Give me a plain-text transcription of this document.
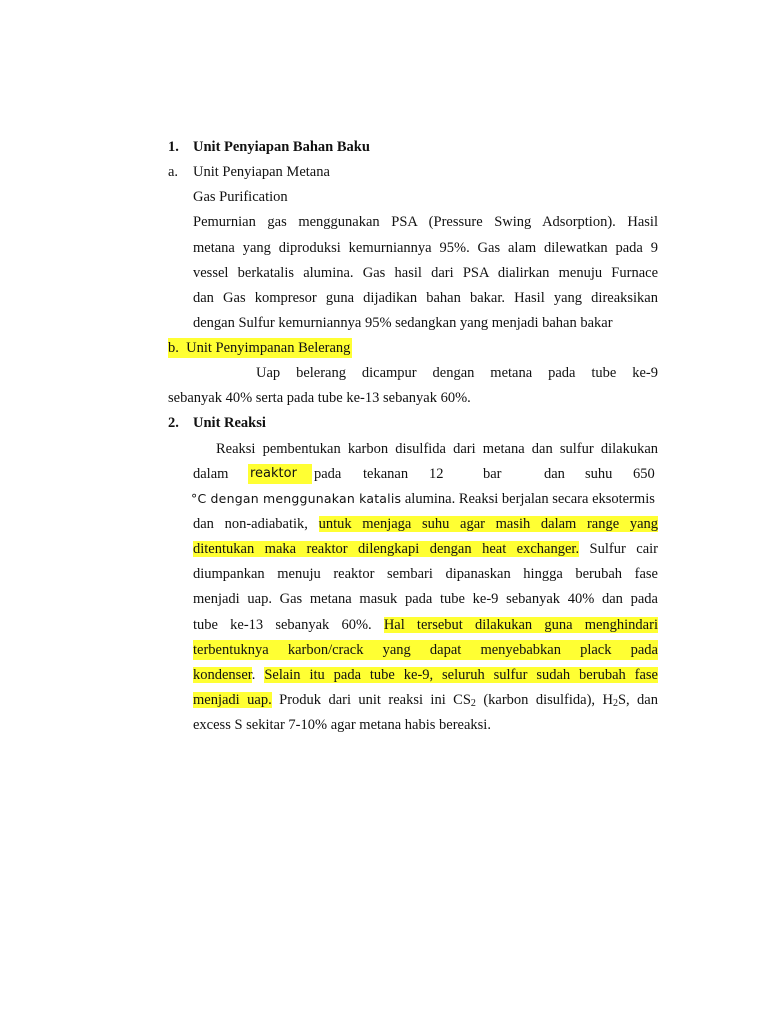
1. Unit Penyiapan Bahan Baku
a. Unit Penyiapan Metana
Gas Purification
Pemurnian gas menggunakan PSA (Pressure Swing Adsorption). Hasil
metana yang diproduksi kemurniannya 95%. Gas alam dilewatkan pada 9
vessel berkatalis alumina. Gas hasil dari PSA dialirkan menuju Furnace
dan Gas kompresor guna dijadikan bahan bakar. Hasil yang direaksikan
dengan Sulfur kemurniannya 95% sedangkan yang menjadi bahan bakar
b. Unit Penyimpanan Belerang
Uap belerang dicampur dengan metana pada tube ke-9
sebanyak 40% serta pada tube ke-13 sebanyak 60%.
2. Unit Reaksi
Reaksi pembentukan karbon disulfida dari metana dan sulfur dilakukan
dalam reaktor	pada tekanan 12	bar	dan suhu 650
°C dengan menggunakan katalis alumina. Reaksi berjalan secara eksotermis
dan non-adiabatik, untuk menjaga suhu agar masih dalam range yang
ditentukan maka reaktor dilengkapi dengan heat exchanger. Sulfur cair
diumpankan menuju reaktor sembari dipanaskan hingga berubah fase
menjadi uap. Gas metana masuk pada tube ke-9 sebanyak 40% dan pada
tube ke-13 sebanyak 60%. Hal tersebut dilakukan guna menghindari
terbentuknya karbon/crack yang dapat menyebabkan plack pada
kondenser. Selain itu pada tube ke-9, seluruh sulfur sudah berubah fase
menjadi uap. Produk dari unit reaksi ini $CS_2$ (karbon disulfida), $H_2S$, dan
excess S sekitar 7-10% agar metana habis bereaksi.
